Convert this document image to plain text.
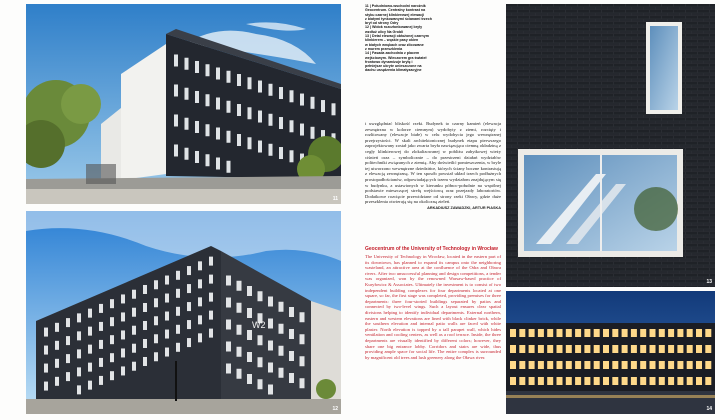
11
W2
12

11 | Południowo-wschodni narożnik

Geocentrum. Centralny kontrast na

styku czarnej klinkierowej elewacji

z białymi tynkowanymi ścianami trzech

brył od strony Odry

12 | Widok rozczłonkowanej bryły

wzdłuż ulicy Na Grobli

13 | Detal elewacji obłożonej czarnym

klinkierem – wąskie pasy okien

w białych wnękach oraz zlicowane

z murem przeszklenia

14 | Fasada zachodnia z placem

wejściowym. Wieczorem gra świateł

frontowo dynamizuje bryłę i

pełniejsze ukryte unieszczone na

dachu urządzenia klimatyzacyjne

i uwzględniać bliskość rzeki. Budynek to czarny kamień (elewacja zewnętrzna w kolorze ciemnym) wydobyty z ziemi, rozcięty i rozlitowany (elewacje białe) w celu wydobycia jego wewnętrznej przejrzystości. W skali architektonicznej budynek etapu pierwszego zaprojektowany został jako zwarta bryła nawiązująca ciemną okładziną z cegły klinkierowej do zlokalizowanej w pobliżu zabytkowej wieży ciśnień oraz – symbolicznie – do przestrzeni działań wydziałów politechniki związanych z ziemią. Aby doświetlić pomieszczenia, w bryle tej utworzono wewnętrzne dziedzińce, których ściany boczne kontrastują z elewacją zewnętrzną. W ten sposób powstał układ trzech podłużnych prostopadłościanów, odpowiadających trzem wydziałom znajdującym się w budynku, a ustawionych w kierunku północ-południe na wspólnej podstawie mieszczącej strefę wejściową oraz przejazdy laboratoriów. Dodatkowe rozcięcie przewidziane od strony rzeki Oławy, gdzie duże przeszklenia otwierają się na okoliczną zieleń.

ARKADIUSZ ZAWADZKI, ARTUR PIASKA
Geocentrum of the University of Technology in Wrocław

The University of Technology in Wrocław, located in the eastern part of its downtown, has planned to expand its campus onto the neighboring wasteland, an attractive area at the confluence of the Odra and Oława rivers. After two unsuccessful planning and design competitions, a tender was organized, won by the renowned Warsaw-based practice of Kuryłowicz & Associates. Ultimately the investment is to consist of two independent building complexes for four departments located at one square, so far, the first stage was completed, providing premises for three departments: three four-storied buildings separated by patios and connected by two-level wings. Such a layout ensures clear spatial divisions helping to identify individual departments. External northern, eastern and western elevations are lined with black clinker brick, while the southern elevation and internal patio walls are faced with white plaster. North elevation is topped by a tall parapet wall, which hides ventilation and cooling centers, as well as a roof terrace. Inside, the three departments are visually identified by different colors; however, they share one big entrance lobby. Corridors and stairs are wide, thus providing ample space for social life. The entire complex is surrounded by magnificent old trees and lush greenery along the Oława river.

13
14
